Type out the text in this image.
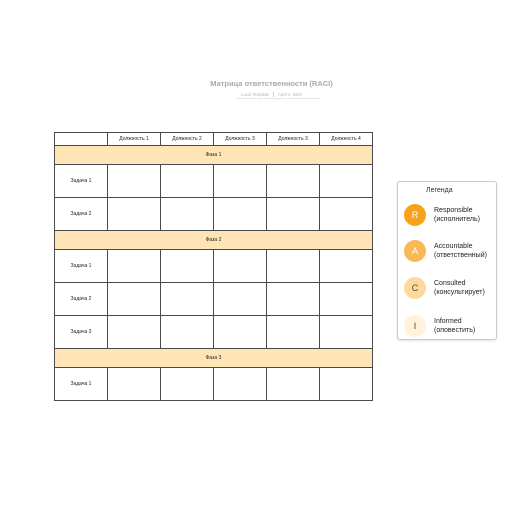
Матрица ответственности (RACI)
Lucid Template April 4, 2025
	Должность 1	Должность 2	Должность 3	Должность 3	Должность 4
Фаза 1					
Задача 1					
Задача 2					
Фаза 2					
Задача 1					
Задача 2					
Задача 3					
Фаза 3					
Задача 1					
Легенда
R	Responsible
(исполнитель)
A	Accountable
(ответственный)
C	Consulted
(консультирует)
I	Informed
(оповестить)
